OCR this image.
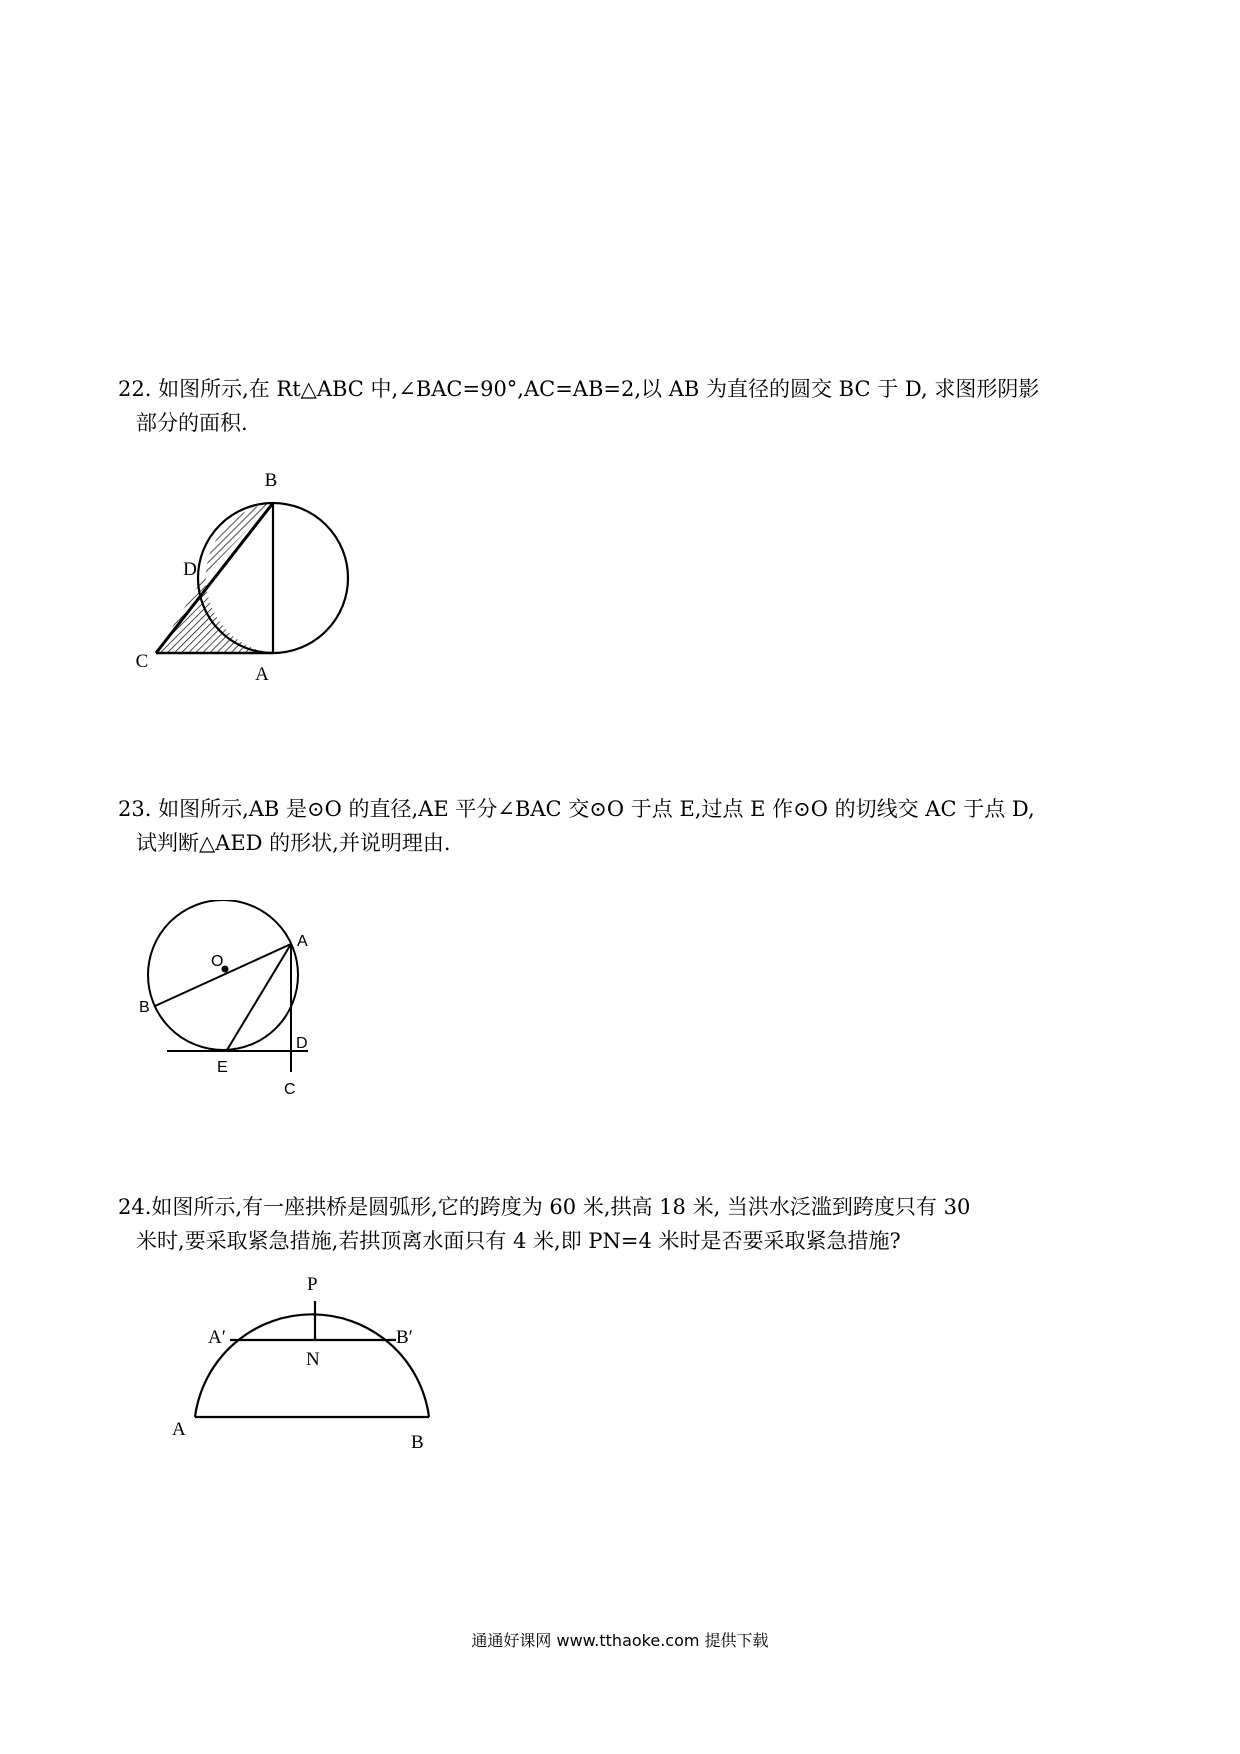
22. 如图所示,在 Rt△ABC 中,∠BAC=90°,AC=AB=2,以 AB 为直径的圆交 BC 于 D, 求图形阴影
部分的面积.
B
D
C
A
23. 如图所示,AB 是⊙O 的直径,AE 平分∠BAC 交⊙O 于点 E,过点 E 作⊙O 的切线交 AC 于点 D,
试判断△AED 的形状,并说明理由.
A
O
B
D
E
C
24.如图所示,有一座拱桥是圆弧形,它的跨度为 60 米,拱高 18 米, 当洪水泛滥到跨度只有 30
米时,要采取紧急措施,若拱顶离水面只有 4 米,即 PN=4 米时是否要采取紧急措施?
P
A′	B′
N
A
B
通通好课网 www.tthaoke.com 提供下载
